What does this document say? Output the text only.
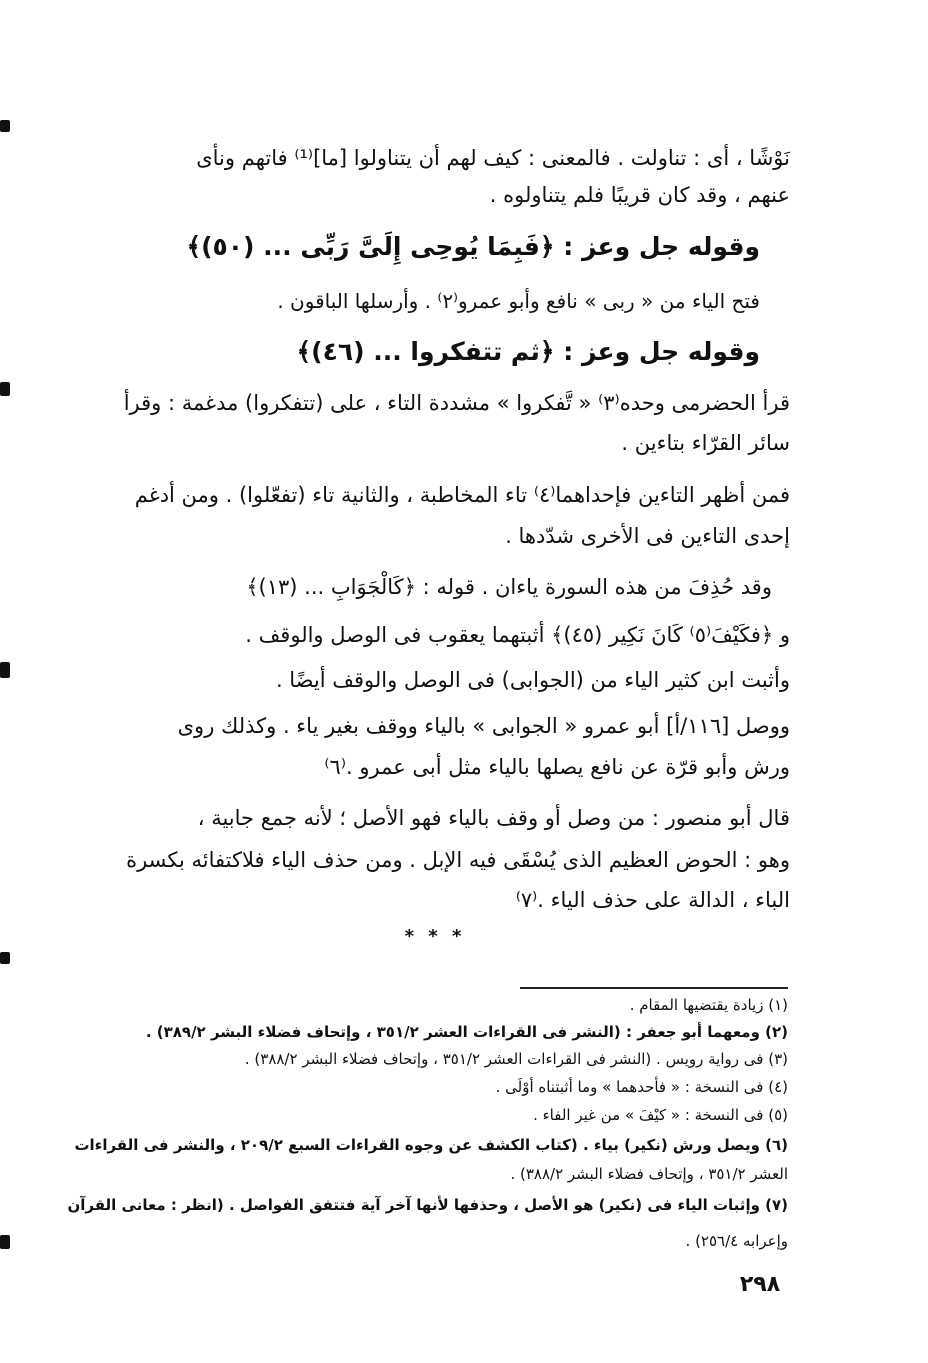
نَوْشًا ، أى : تناولت . فالمعنى : كيف لهم أن يتناولوا [ما]⁽¹⁾ فاتهم ونأى
عنهم ، وقد كان قريبًا فلم يتناولوه .
وقوله جل وعز : ﴿فَبِمَا يُوحِى إِلَىَّ رَبِّى ... (٥٠)﴾
فتح الياء من « ربى » نافع وأبو عمرو⁽٢⁾ . وأرسلها الباقون .
وقوله جل وعز : ﴿ثم تتفكروا ... (٤٦)﴾
قرأ الحضرمى وحده⁽٣⁾ « تَّفكروا » مشددة التاء ، على (تتفكروا) مدغمة : وقرأ
سائر القرّاء بتاءين .
فمن أظهر التاءين فإحداهما⁽٤⁾ تاء المخاطبة ، والثانية تاء (تفعّلوا) . ومن أدغم
إحدى التاءين فى الأخرى شدّدها .
وقد حُذِفَ من هذه السورة ياءان . قوله : ﴿كَالْجَوَابِ ... (١٣)﴾
و ﴿فكَيْفَ⁽٥⁾ كَانَ نَكِير (٤٥)﴾ أثبتهما يعقوب فى الوصل والوقف .
وأثبت ابن كثير الياء من (الجوابى) فى الوصل والوقف أيضًا .
ووصل [١١٦/أ] أبو عمرو « الجوابى » بالياء ووقف بغير ياء . وكذلك روى
ورش وأبو قرّة عن نافع يصلها بالياء مثل أبى عمرو .⁽٦⁾
قال أبو منصور : من وصل أو وقف بالياء فهو الأصل ؛ لأنه جمع جابية ،
وهو : الحوض العظيم الذى يُسْقَى فيه الإبل . ومن حذف الياء فلاكتفائه بكسرة
الباء ، الدالة على حذف الياء .⁽٧⁾
* * *
(١) زيادة يقتضيها المقام .
(٢) ومعهما أبو جعفر : (النشر فى القراءات العشر ٣٥١/٢ ، وإتحاف فضلاء البشر ٣٨٩/٢) .
(٣) فى رواية رويس . (النشر فى القراءات العشر ٣٥١/٢ ، وإتحاف فضلاء البشر ٣٨٨/٢) .
(٤) فى النسخة : « فأحدهما » وما أثبتناه أوْلَى .
(٥) فى النسخة : « كيْفَ » من غير الفاء .
(٦) ويصل ورش (نكير) بياء . (كتاب الكشف عن وجوه القراءات السبع ٢٠٩/٢ ، والنشر فى القراءات
العشر ٣٥١/٢ ، وإتحاف فضلاء البشر ٣٨٨/٢) .
(٧) وإثبات الياء فى (نكير) هو الأصل ، وحذفها لأنها آخر آية فتتفق الفواصل . (انظر : معانى القرآن
وإعرابه ٢٥٦/٤) .
٢٩٨
